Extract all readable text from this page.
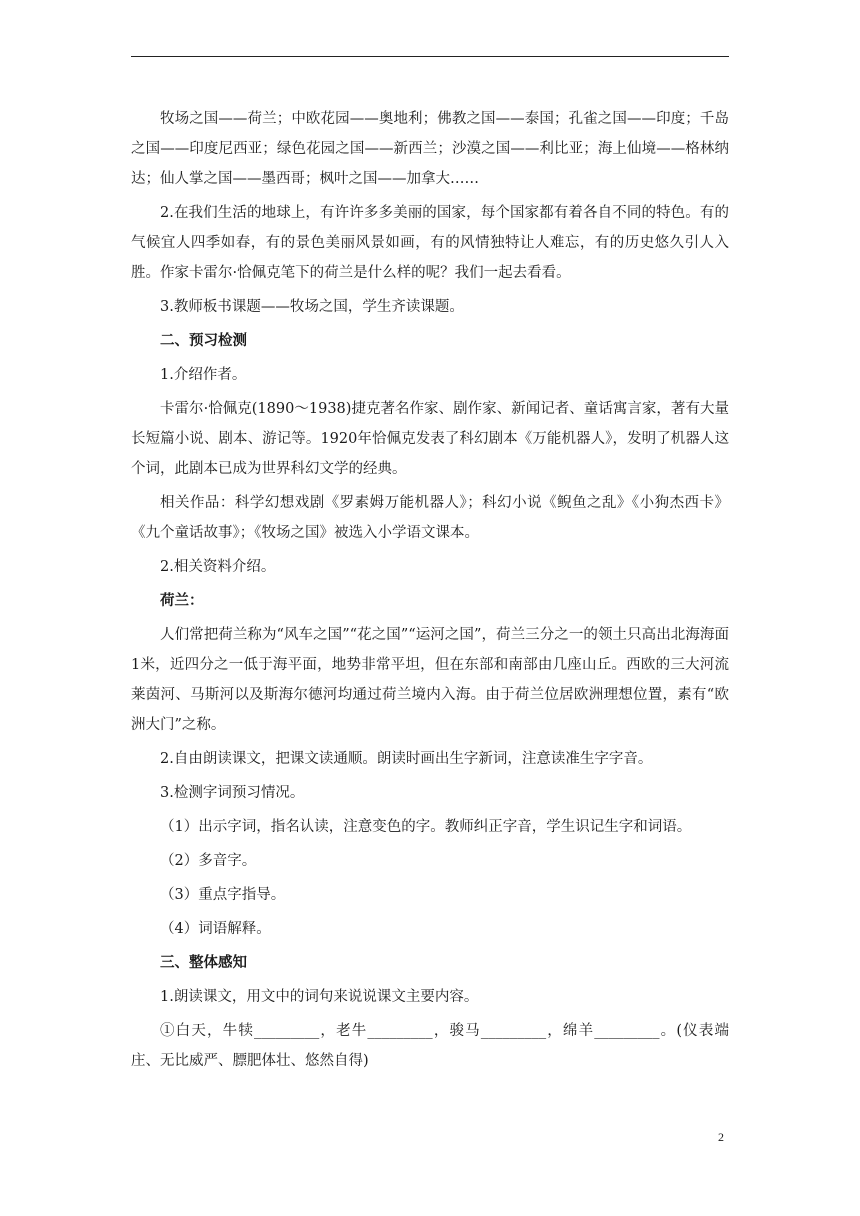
牧场之国——荷兰；中欧花园——奥地利；佛教之国——泰国；孔雀之国——印度；千岛之国——印度尼西亚；绿色花园之国——新西兰；沙漠之国——利比亚；海上仙境——格林纳达；仙人掌之国——墨西哥；枫叶之国——加拿大……

2.在我们生活的地球上，有许许多多美丽的国家，每个国家都有着各自不同的特色。有的气候宜人四季如春，有的景色美丽风景如画，有的风情独特让人难忘，有的历史悠久引人入胜。作家卡雷尔·恰佩克笔下的荷兰是什么样的呢？我们一起去看看。

3.教师板书课题——牧场之国，学生齐读课题。

二、预习检测

1.介绍作者。

卡雷尔·恰佩克(1890～1938)捷克著名作家、剧作家、新闻记者、童话寓言家，著有大量长短篇小说、剧本、游记等。1920年恰佩克发表了科幻剧本《万能机器人》，发明了机器人这个词，此剧本已成为世界科幻文学的经典。

相关作品：科学幻想戏剧《罗素姆万能机器人》；科幻小说《鲵鱼之乱》《小狗杰西卡》《九个童话故事》；《牧场之国》被选入小学语文课本。

2.相关资料介绍。

荷兰：

人们常把荷兰称为“风车之国”“花之国”“运河之国”，荷兰三分之一的领土只高出北海海面1米，近四分之一低于海平面，地势非常平坦，但在东部和南部由几座山丘。西欧的三大河流莱茵河、马斯河以及斯海尔德河均通过荷兰境内入海。由于荷兰位居欧洲理想位置，素有“欧洲大门”之称。

2.自由朗读课文，把课文读通顺。朗读时画出生字新词，注意读准生字字音。

3.检测字词预习情况。

（1）出示字词，指名认读，注意变色的字。教师纠正字音，学生识记生字和词语。

（2）多音字。

（3）重点字指导。

（4）词语解释。

三、整体感知

1.朗读课文，用文中的词句来说说课文主要内容。

①白天，牛犊_________，老牛_________，骏马_________，绵羊_________。(仪表端庄、无比威严、膘肥体壮、悠然自得)

2
